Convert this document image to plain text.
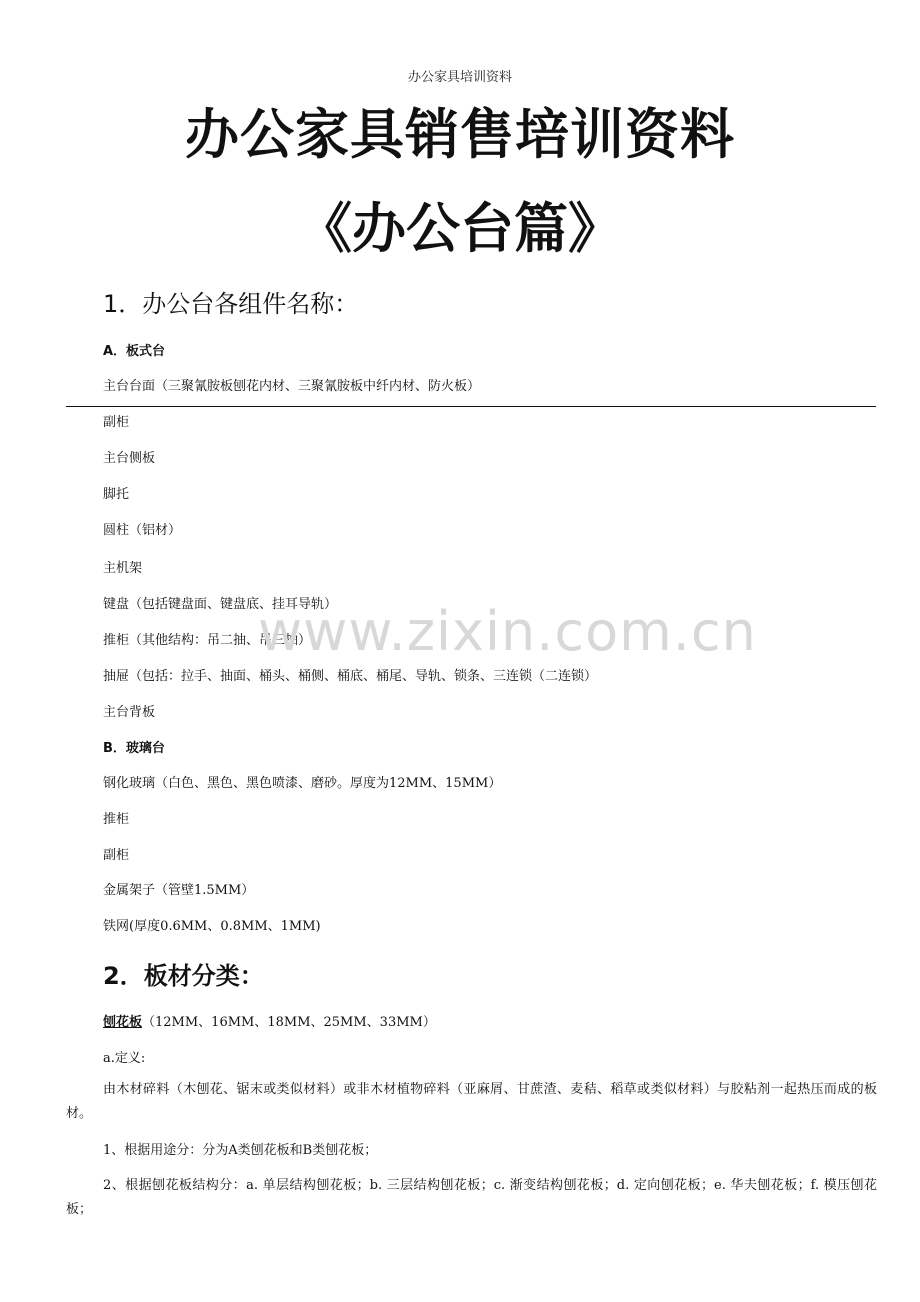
办公家具培训资料
办公家具销售培训资料
《办公台篇》
1．办公台各组件名称：
A．板式台
主台台面（三聚氰胺板刨花内材、三聚氰胺板中纤内材、防火板）
副柜
主台侧板
脚托
圆柱（铝材）
主机架
键盘（包括键盘面、键盘底、挂耳导轨）
推柜（其他结构：吊二抽、吊三抽）
抽屉（包括：拉手、抽面、桶头、桶侧、桶底、桶尾、导轨、锁条、三连锁（二连锁）
主台背板
B．玻璃台
钢化玻璃（白色、黑色、黑色喷漆、磨砂。厚度为12MM、15MM）
推柜
副柜
金属架子（管壁1.5MM）
铁网(厚度0.6MM、0.8MM、1MM)
2．板材分类：
刨花板（12MM、16MM、18MM、25MM、33MM）
a.定义:
由木材碎料（木刨花、锯末或类似材料）或非木材植物碎料（亚麻屑、甘蔗渣、麦秸、稻草或类似材料）与胶粘剂一起热压而成的板材。
1、根据用途分：分为A类刨花板和B类刨花板；
2、根据刨花板结构分：a. 单层结构刨花板；b. 三层结构刨花板；c. 渐变结构刨花板；d. 定向刨花板；e. 华夫刨花板；f. 模压刨花板；
www.zixin.com.cn
